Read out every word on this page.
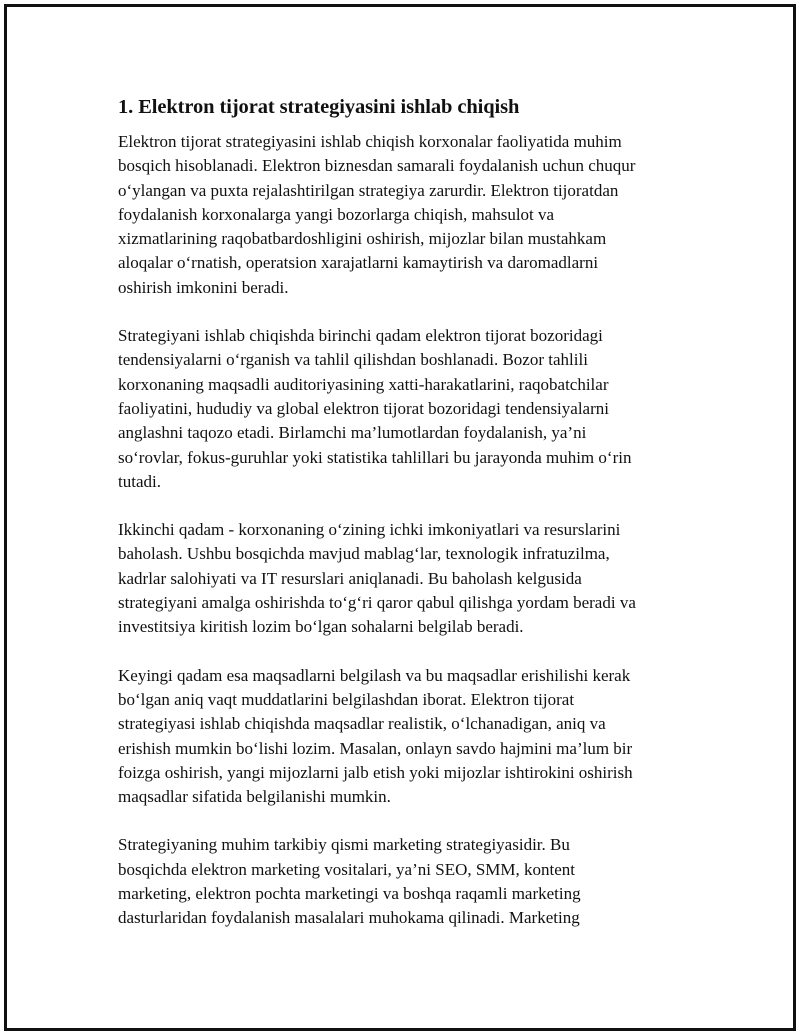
1. Elektron tijorat strategiyasini ishlab chiqish

Elektron tijorat strategiyasini ishlab chiqish korxonalar faoliyatida muhim
bosqich hisoblanadi. Elektron biznesdan samarali foydalanish uchun chuqur
o‘ylangan va puxta rejalashtirilgan strategiya zarurdir. Elektron tijoratdan
foydalanish korxonalarga yangi bozorlarga chiqish, mahsulot va
xizmatlarining raqobatbardoshligini oshirish, mijozlar bilan mustahkam
aloqalar o‘rnatish, operatsion xarajatlarni kamaytirish va daromadlarni
oshirish imkonini beradi.

Strategiyani ishlab chiqishda birinchi qadam elektron tijorat bozoridagi
tendensiyalarni o‘rganish va tahlil qilishdan boshlanadi. Bozor tahlili
korxonaning maqsadli auditoriyasining xatti-harakatlarini, raqobatchilar
faoliyatini, hududiy va global elektron tijorat bozoridagi tendensiyalarni
anglashni taqozo etadi. Birlamchi ma’lumotlardan foydalanish, ya’ni
so‘rovlar, fokus-guruhlar yoki statistika tahlillari bu jarayonda muhim o‘rin
tutadi.

Ikkinchi qadam - korxonaning o‘zining ichki imkoniyatlari va resurslarini
baholash. Ushbu bosqichda mavjud mablag‘lar, texnologik infratuzilma,
kadrlar salohiyati va IT resurslari aniqlanadi. Bu baholash kelgusida
strategiyani amalga oshirishda to‘g‘ri qaror qabul qilishga yordam beradi va
investitsiya kiritish lozim bo‘lgan sohalarni belgilab beradi.

Keyingi qadam esa maqsadlarni belgilash va bu maqsadlar erishilishi kerak
bo‘lgan aniq vaqt muddatlarini belgilashdan iborat. Elektron tijorat
strategiyasi ishlab chiqishda maqsadlar realistik, o‘lchanadigan, aniq va
erishish mumkin bo‘lishi lozim. Masalan, onlayn savdo hajmini ma’lum bir
foizga oshirish, yangi mijozlarni jalb etish yoki mijozlar ishtirokini oshirish
maqsadlar sifatida belgilanishi mumkin.

Strategiyaning muhim tarkibiy qismi marketing strategiyasidir. Bu
bosqichda elektron marketing vositalari, ya’ni SEO, SMM, kontent
marketing, elektron pochta marketingi va boshqa raqamli marketing
dasturlaridan foydalanish masalalari muhokama qilinadi. Marketing
